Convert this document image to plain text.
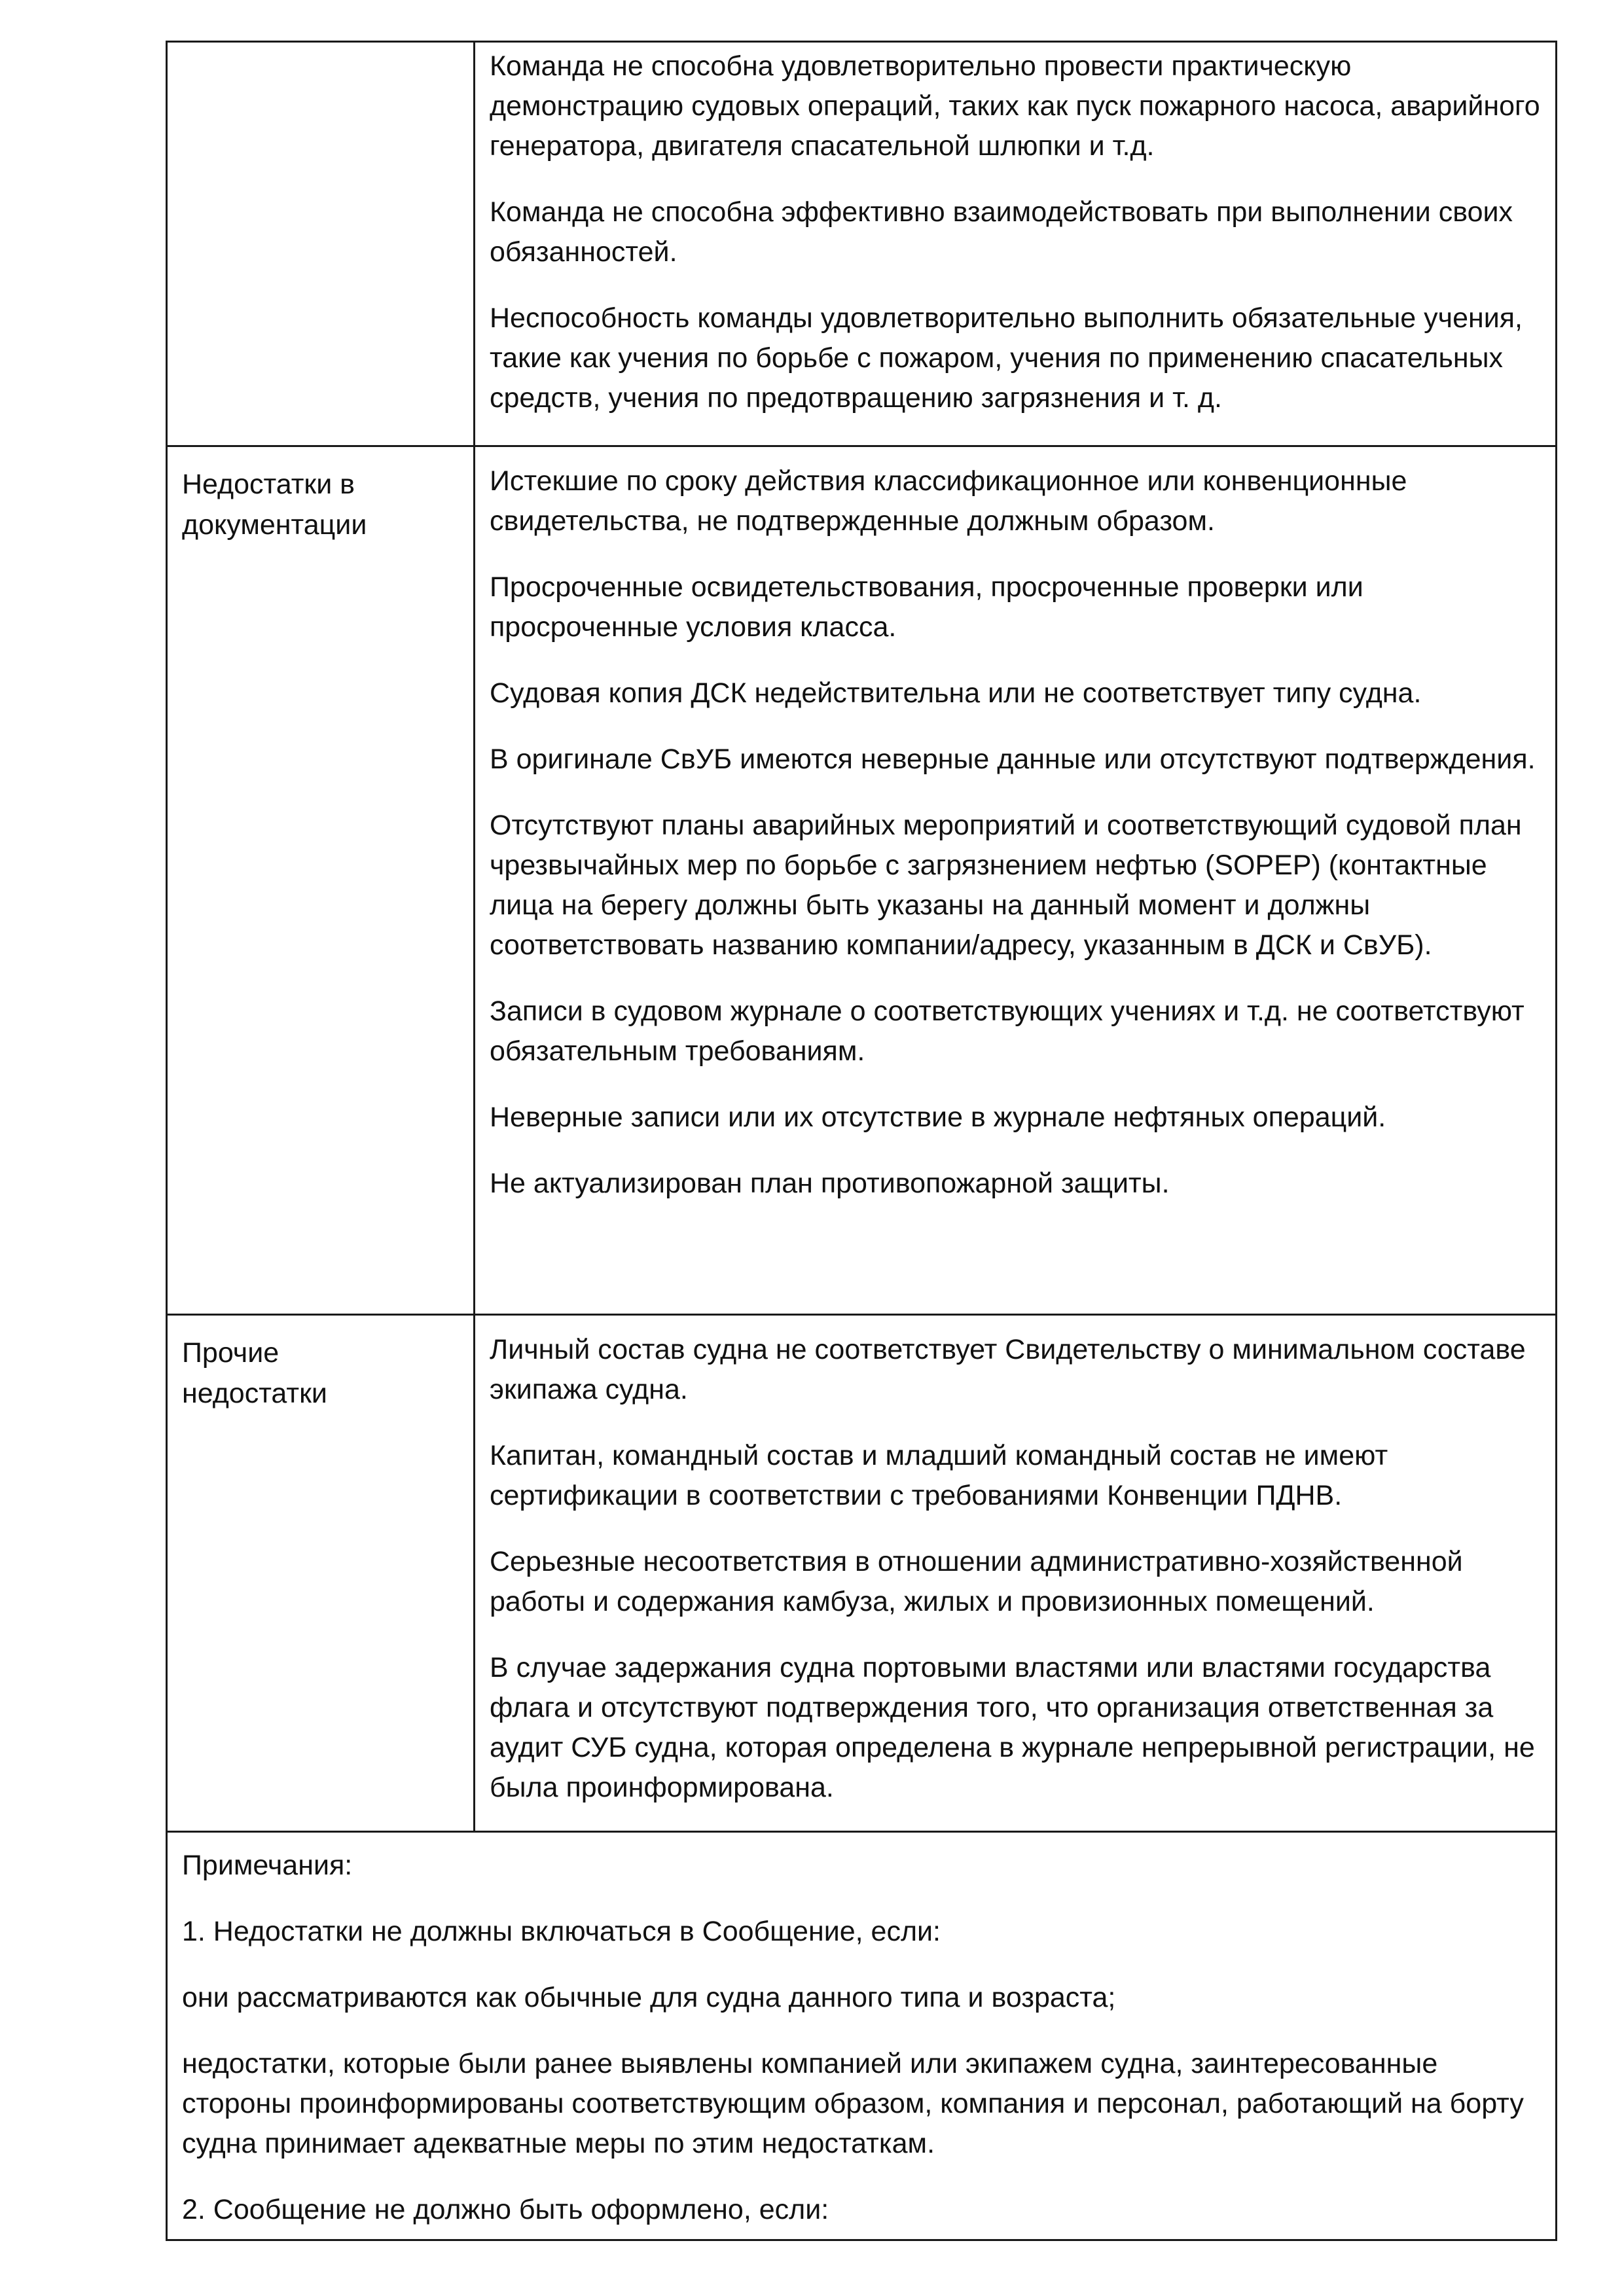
Команда не способна удовлетворительно провести практическую демонстрацию судовых операций, таких как пуск пожарного насоса, аварийного генератора, двигателя спасательной шлюпки и т.д.

Команда не способна эффективно взаимодействовать при выполнении своих обязанностей.

Неспособность команды удовлетворительно выполнить обязательные учения, такие как учения по борьбе с пожаром, учения по применению спасательных средств, учения по предотвращению загрязнения и т. д.

Недостатки в
документации

Истекшие по сроку действия классификационное или конвенционные свидетельства, не подтвержденные должным образом.

Просроченные освидетельствования, просроченные проверки или просроченные условия класса.

Судовая копия ДСК недействительна или не соответствует типу судна.

В оригинале СвУБ имеются неверные данные или отсутствуют подтверждения.

Отсутствуют планы аварийных мероприятий и соответствующий судовой план чрезвычайных мер по борьбе с загрязнением нефтью (SOPEP) (контактные лица на берегу должны быть указаны на данный момент и должны соответствовать названию компании/адресу, указанным в ДСК и СвУБ).

Записи в судовом журнале о соответствующих учениях и т.д. не соответствуют обязательным требованиям.

Неверные записи или их отсутствие в журнале нефтяных операций.

Не актуализирован план противопожарной защиты.

Прочие
недостатки

Личный состав судна не соответствует Свидетельству о минимальном составе экипажа судна.

Капитан, командный состав и младший командный состав не имеют сертификации в соответствии с требованиями Конвенции ПДНВ.

Серьезные несоответствия в отношении административно-хозяйственной работы и содержания камбуза, жилых и провизионных помещений.

В случае задержания судна портовыми властями или властями государства флага и отсутствуют подтверждения того, что организация ответственная за аудит СУБ судна, которая определена в журнале непрерывной регистрации, не была проинформирована.

Примечания:

1. Недостатки не должны включаться в Сообщение, если:

они рассматриваются как обычные для судна данного типа и возраста;

недостатки, которые были ранее выявлены компанией или экипажем судна, заинтересованные стороны проинформированы соответствующим образом, компания и персонал, работающий на борту судна принимает адекватные меры по этим недостаткам.

2. Сообщение не должно быть оформлено, если:
